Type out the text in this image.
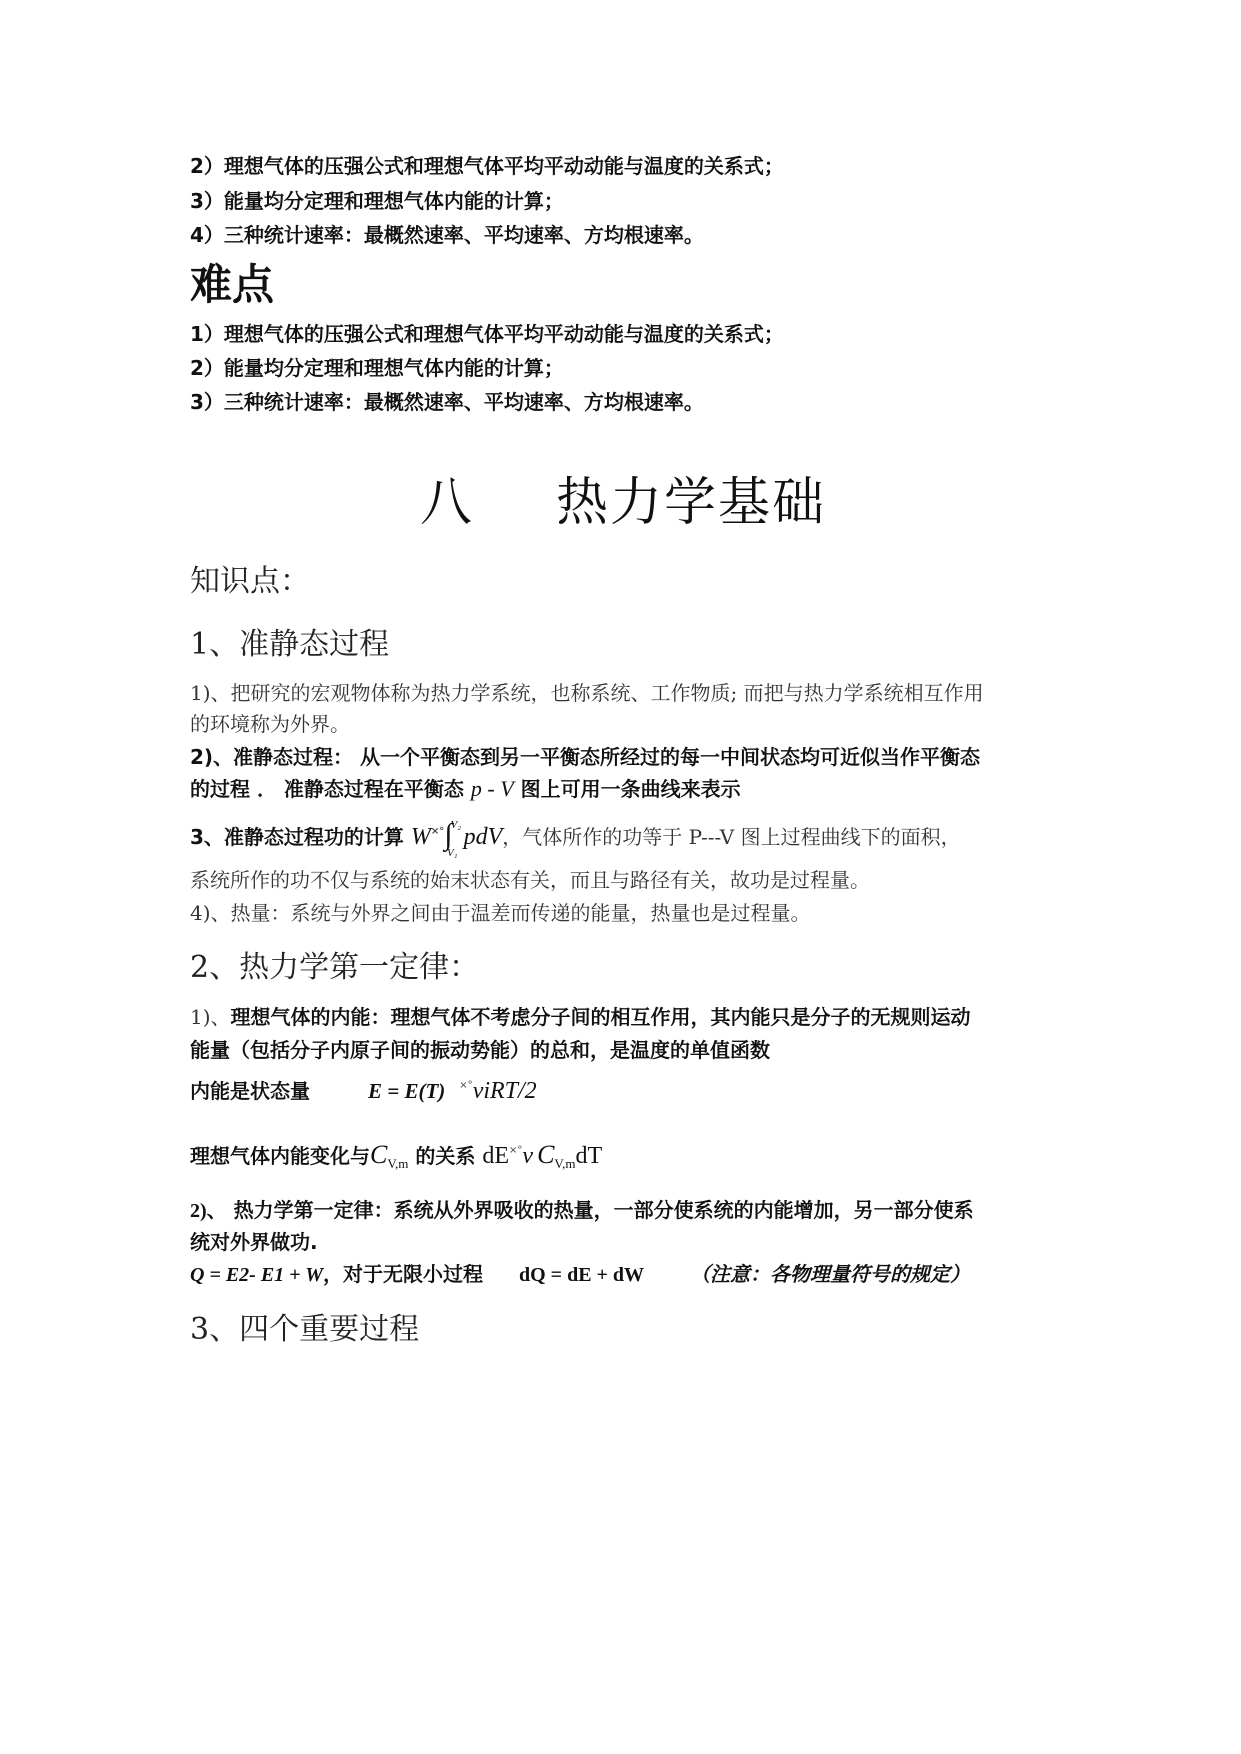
2）理想气体的压强公式和理想气体平均平动动能与温度的关系式；
3）能量均分定理和理想气体内能的计算；
4）三种统计速率：最概然速率、平均速率、方均根速率。
难点
1）理想气体的压强公式和理想气体平均平动动能与温度的关系式；
2）能量均分定理和理想气体内能的计算；
3）三种统计速率：最概然速率、平均速率、方均根速率。
八 热力学基础
知识点：
1、准静态过程
1)、把研究的宏观物体称为热力学系统，也称系统、工作物质; 而把与热力学系统相互作用
的环境称为外界。
2)、准静态过程： 从一个平衡态到另一平衡态所经过的每一中间状态均可近似当作平衡态
的过程 ． 准静态过程在平衡态 p - V 图上可用一条曲线来表示
3、准静态过程功的计算 W×°∫$^{V_2}_{V_1}$pdV，气体所作的功等于 P---V 图上过程曲线下的面积，
系统所作的功不仅与系统的始末状态有关，而且与路径有关，故功是过程量。
4)、热量：系统与外界之间由于温差而传递的能量，热量也是过程量。
2、热力学第一定律：
1)、理想气体的内能：理想气体不考虑分子间的相互作用，其内能只是分子的无规则运动
能量（包括分子内原子间的振动势能）的总和，是温度的单值函数
内能是状态量	E = E(T) ×°νiRT/2
理想气体内能变化与$C_{V,m}$ 的关系 dE×°ν $C_{V,m}dT$
2)、 热力学第一定律：系统从外界吸收的热量，一部分使系统的内能增加，另一部分使系
统对外界做功.
Q = E2- E1 + W，对于无限小过程 dQ = dE + dW （注意：各物理量符号的规定）
3、四个重要过程
